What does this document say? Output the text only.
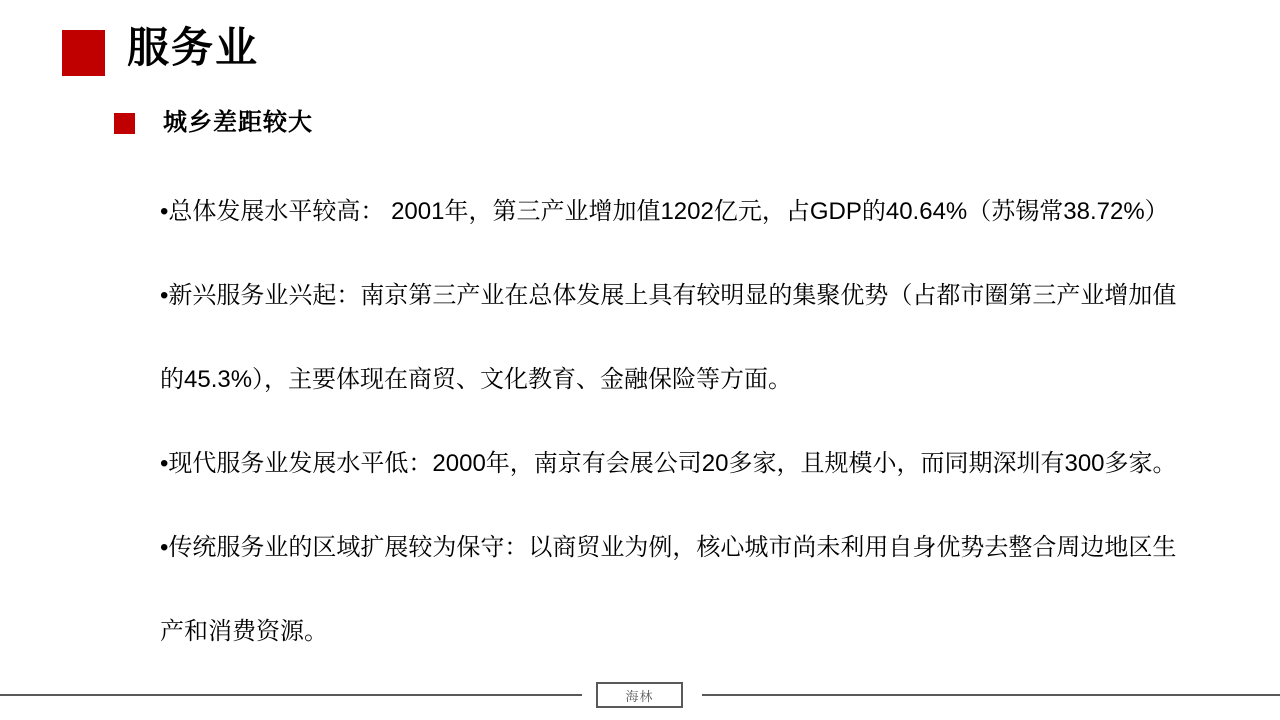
服务业
城乡差距较大
•总体发展水平较高： 2001年，第三产业增加值1202亿元，占GDP的40.64%（苏锡常38.72%）
•新兴服务业兴起：南京第三产业在总体发展上具有较明显的集聚优势（占都市圈第三产业增加值
的45.3%），主要体现在商贸、文化教育、金融保险等方面。
•现代服务业发展水平低：2000年，南京有会展公司20多家，且规模小，而同期深圳有300多家。
•传统服务业的区域扩展较为保守：以商贸业为例，核心城市尚未利用自身优势去整合周边地区生
产和消费资源。
海林
